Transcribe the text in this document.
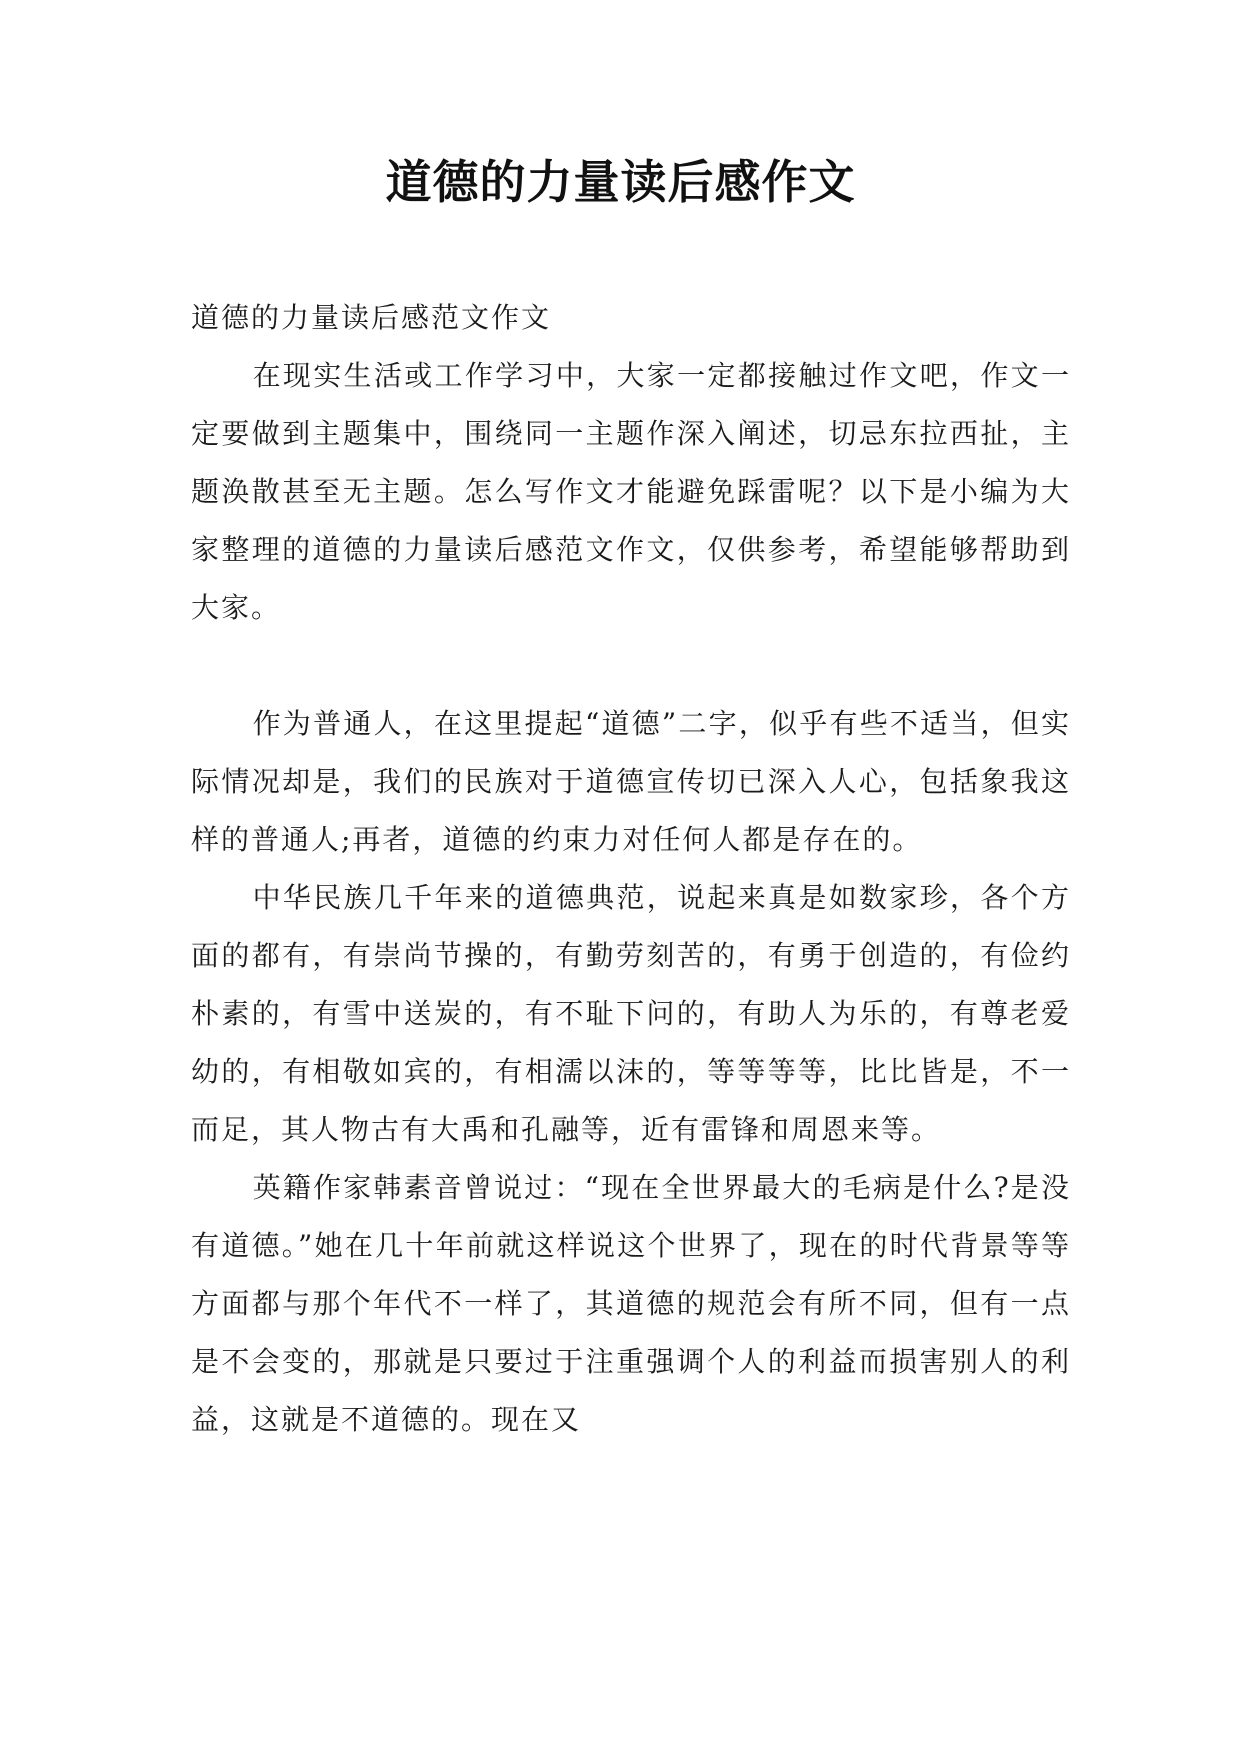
道德的力量读后感作文

道德的力量读后感范文作文

在现实生活或工作学习中，大家一定都接触过作文吧，作文一定要做到主题集中，围绕同一主题作深入阐述，切忌东拉西扯，主题涣散甚至无主题。怎么写作文才能避免踩雷呢？以下是小编为大家整理的道德的力量读后感范文作文，仅供参考，希望能够帮助到大家。

作为普通人，在这里提起“道德”二字，似乎有些不适当，但实际情况却是，我们的民族对于道德宣传切已深入人心，包括象我这样的普通人;再者，道德的约束力对任何人都是存在的。

中华民族几千年来的道德典范，说起来真是如数家珍，各个方面的都有，有崇尚节操的，有勤劳刻苦的，有勇于创造的，有俭约朴素的，有雪中送炭的，有不耻下问的，有助人为乐的，有尊老爱幼的，有相敬如宾的，有相濡以沫的，等等等等，比比皆是，不一而足，其人物古有大禹和孔融等，近有雷锋和周恩来等。

英籍作家韩素音曾说过：“现在全世界最大的毛病是什么?是没有道德。”她在几十年前就这样说这个世界了，现在的时代背景等等方面都与那个年代不一样了，其道德的规范会有所不同，但有一点是不会变的，那就是只要过于注重强调个人的利益而损害别人的利益，这就是不道德的。现在又
